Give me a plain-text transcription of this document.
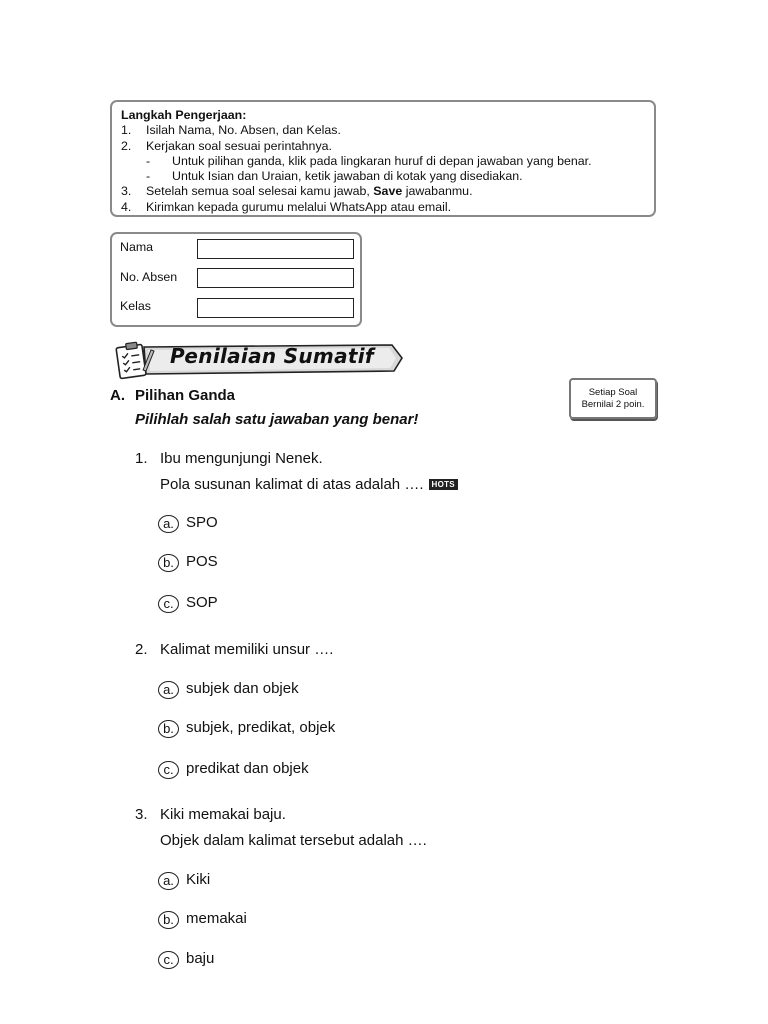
Langkah Pengerjaan:
1. Isilah Nama, No. Absen, dan Kelas.
2. Kerjakan soal sesuai perintahnya.
- Untuk pilihan ganda, klik pada lingkaran huruf di depan jawaban yang benar.
- Untuk Isian dan Uraian, ketik jawaban di kotak yang disediakan.
3. Setelah semua soal selesai kamu jawab, Save jawabanmu.
4. Kirimkan kepada gurumu melalui WhatsApp atau email.
Nama
No. Absen
Kelas
Penilaian Sumatif
A. Pilihan Ganda
Pilihlah salah satu jawaban yang benar!
Setiap Soal
Bernilai 2 poin.
1. Ibu mengunjungi Nenek.
Pola susunan kalimat di atas adalah …. HOTS
a. SPO
b. POS
c. SOP
2. Kalimat memiliki unsur ….
a. subjek dan objek
b. subjek, predikat, objek
c. predikat dan objek
3. Kiki memakai baju.
Objek dalam kalimat tersebut adalah ….
a. Kiki
b. memakai
c. baju
